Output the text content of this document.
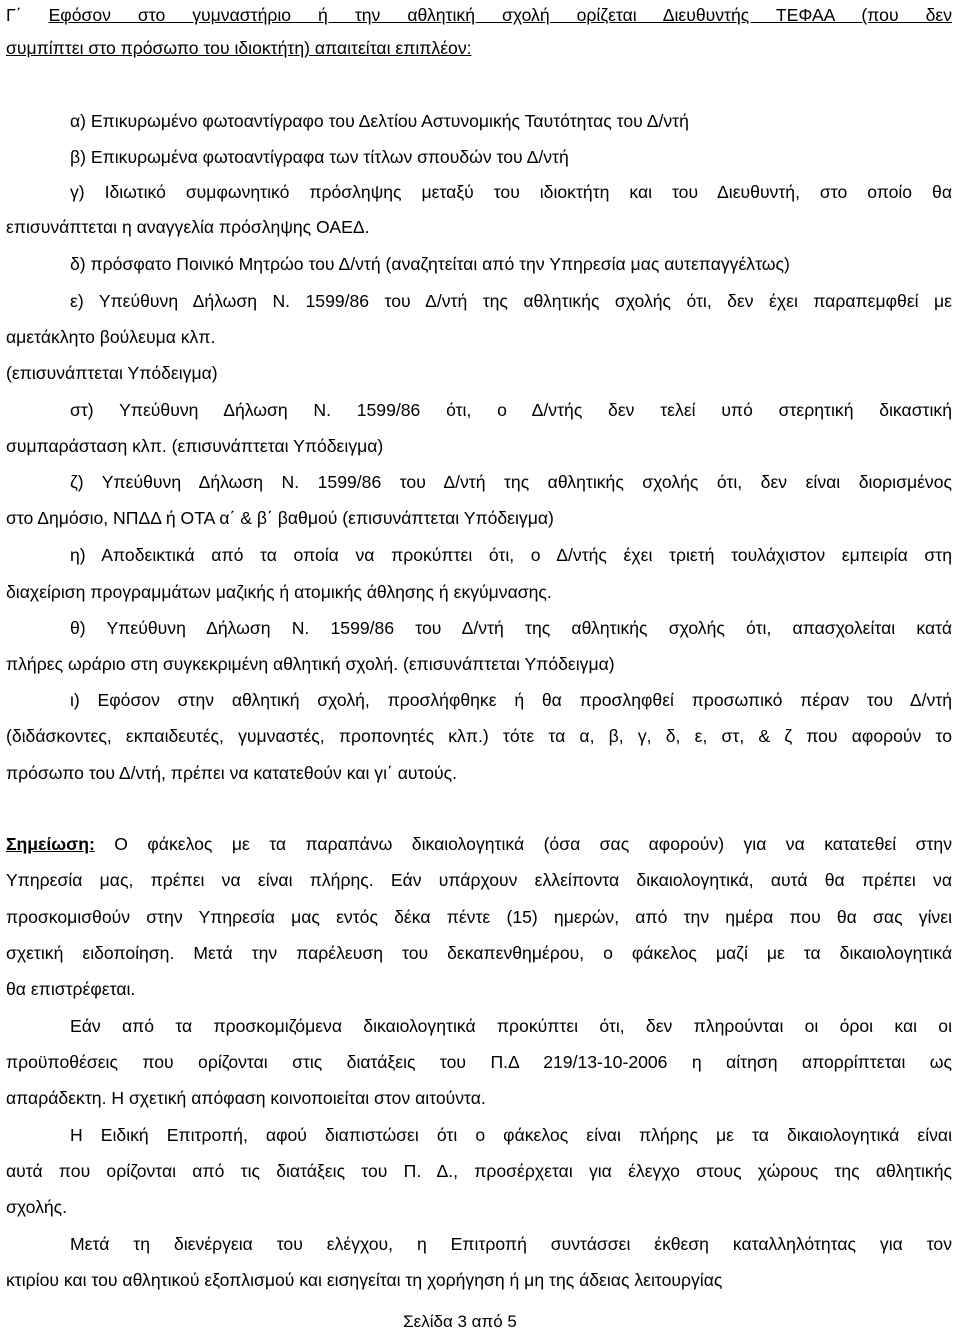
Γ΄ Εφόσον στο γυμναστήριο ή την αθλητική σχολή ορίζεται Διευθυντής ΤΕΦΑΑ (που δεν
συμπίπτει στο πρόσωπο του ιδιοκτήτη) απαιτείται επιπλέον:
α) Επικυρωμένο φωτοαντίγραφο του Δελτίου Αστυνομικής Ταυτότητας του Δ/ντή
β) Επικυρωμένα φωτοαντίγραφα των τίτλων σπουδών του Δ/ντή
γ) Ιδιωτικό συμφωνητικό πρόσληψης μεταξύ του ιδιοκτήτη και του Διευθυντή, στο οποίο θα
επισυνάπτεται η αναγγελία πρόσληψης ΟΑΕΔ.
δ) πρόσφατο Ποινικό Μητρώο του Δ/ντή (αναζητείται από την Υπηρεσία μας αυτεπαγγέλτως)
ε) Υπεύθυνη Δήλωση Ν. 1599/86 του Δ/ντή της αθλητικής σχολής ότι, δεν έχει παραπεμφθεί με
αμετάκλητο βούλευμα κλπ.
(επισυνάπτεται Υπόδειγμα)
στ) Υπεύθυνη Δήλωση Ν. 1599/86 ότι, ο Δ/ντής δεν τελεί υπό στερητική δικαστική
συμπαράσταση κλπ. (επισυνάπτεται Υπόδειγμα)
ζ) Υπεύθυνη Δήλωση Ν. 1599/86 του Δ/ντή της αθλητικής σχολής ότι, δεν είναι διορισμένος
στο Δημόσιο, ΝΠΔΔ ή ΟΤΑ α΄ & β΄ βαθμού (επισυνάπτεται Υπόδειγμα)
η) Αποδεικτικά από τα οποία να προκύπτει ότι, ο Δ/ντής έχει τριετή τουλάχιστον εμπειρία στη
διαχείριση προγραμμάτων μαζικής ή ατομικής άθλησης ή εκγύμνασης.
θ) Υπεύθυνη Δήλωση Ν. 1599/86 του Δ/ντή της αθλητικής σχολής ότι, απασχολείται κατά
πλήρες ωράριο στη συγκεκριμένη αθλητική σχολή. (επισυνάπτεται Υπόδειγμα)
ι) Εφόσον στην αθλητική σχολή, προσλήφθηκε ή θα προσληφθεί προσωπικό πέραν του Δ/ντή
(διδάσκοντες, εκπαιδευτές, γυμναστές, προπονητές κλπ.) τότε τα α, β, γ, δ, ε, στ, & ζ που αφορούν το
πρόσωπο του Δ/ντή, πρέπει να κατατεθούν και γι΄ αυτούς.
Σημείωση: Ο φάκελος με τα παραπάνω δικαιολογητικά (όσα σας αφορούν) για να κατατεθεί στην
Υπηρεσία μας, πρέπει να είναι πλήρης. Εάν υπάρχουν ελλείποντα δικαιολογητικά, αυτά θα πρέπει να
προσκομισθούν στην Υπηρεσία μας εντός δέκα πέντε (15) ημερών, από την ημέρα που θα σας γίνει
σχετική ειδοποίηση. Μετά την παρέλευση του δεκαπενθημέρου, ο φάκελος μαζί με τα δικαιολογητικά
θα επιστρέφεται.
Εάν από τα προσκομιζόμενα δικαιολογητικά προκύπτει ότι, δεν πληρούνται οι όροι και οι
προϋποθέσεις που ορίζονται στις διατάξεις του Π.Δ 219/13-10-2006 η αίτηση απορρίπτεται ως
απαράδεκτη. Η σχετική απόφαση κοινοποιείται στον αιτούντα.
Η Ειδική Επιτροπή, αφού διαπιστώσει ότι ο φάκελος είναι πλήρης με τα δικαιολογητικά είναι
αυτά που ορίζονται από τις διατάξεις του Π. Δ., προσέρχεται για έλεγχο στους χώρους της αθλητικής
σχολής.
Μετά τη διενέργεια του ελέγχου, η Επιτροπή συντάσσει έκθεση καταλληλότητας για τον
κτιρίου και του αθλητικού εξοπλισμού και εισηγείται τη χορήγηση ή μη της άδειας λειτουργίας
Σελίδα 3 από 5
